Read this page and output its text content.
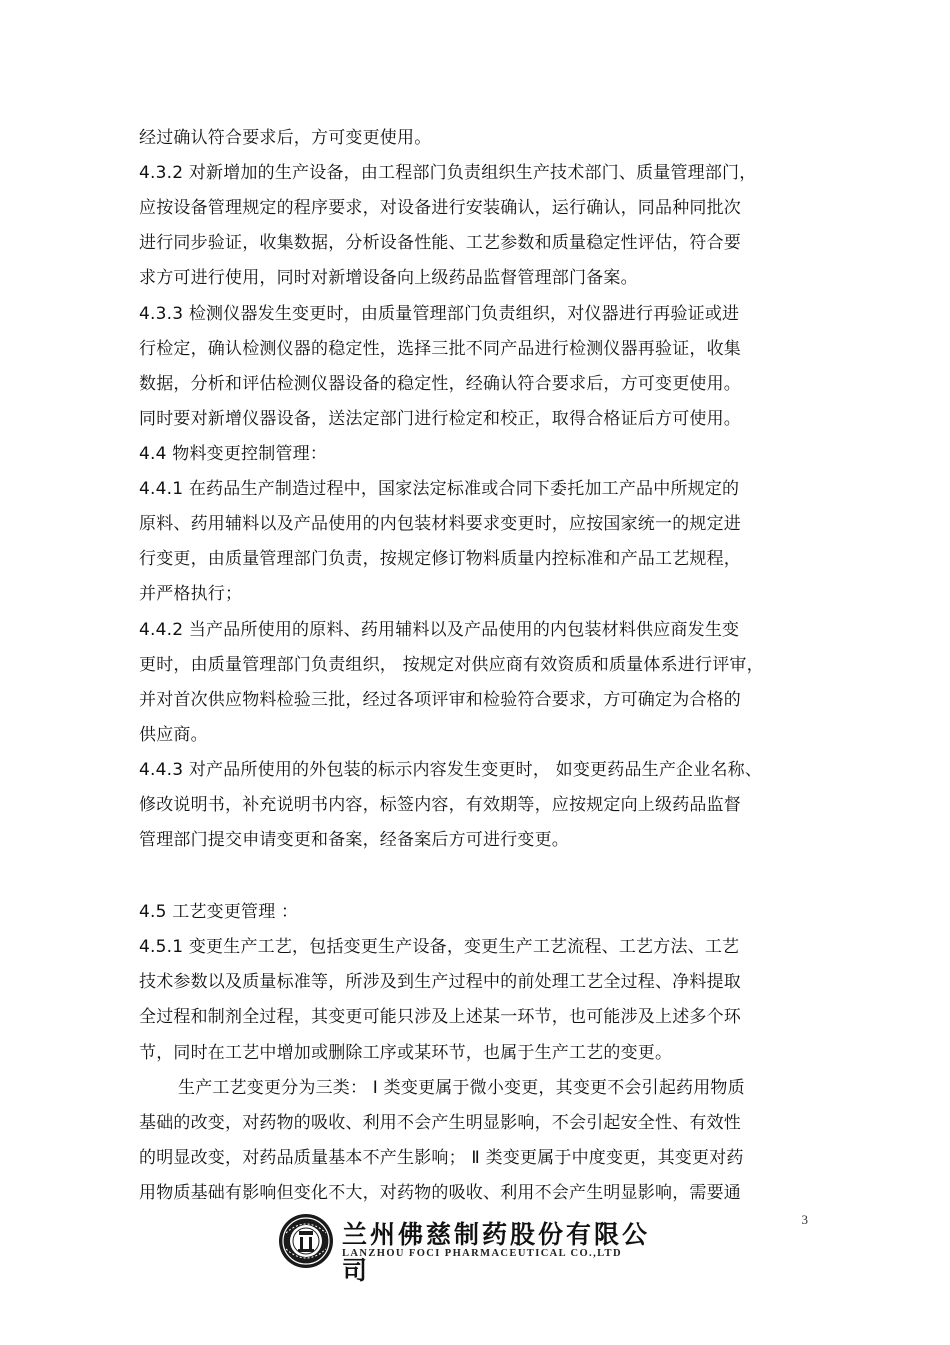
经过确认符合要求后，方可变更使用。

4.3.2 对新增加的生产设备，由工程部门负责组织生产技术部门、质量管理部门，

应按设备管理规定的程序要求，对设备进行安装确认，运行确认，同品种同批次

进行同步验证，收集数据，分析设备性能、工艺参数和质量稳定性评估，符合要

求方可进行使用，同时对新增设备向上级药品监督管理部门备案。

4.3.3 检测仪器发生变更时，由质量管理部门负责组织，对仪器进行再验证或进

行检定，确认检测仪器的稳定性，选择三批不同产品进行检测仪器再验证，收集

数据，分析和评估检测仪器设备的稳定性，经确认符合要求后，方可变更使用。

同时要对新增仪器设备，送法定部门进行检定和校正，取得合格证后方可使用。

4.4 物料变更控制管理：

4.4.1 在药品生产制造过程中，国家法定标准或合同下委托加工产品中所规定的

原料、药用辅料以及产品使用的内包装材料要求变更时，应按国家统一的规定进

行变更，由质量管理部门负责，按规定修订物料质量内控标准和产品工艺规程，

并严格执行；

4.4.2 当产品所使用的原料、药用辅料以及产品使用的内包装材料供应商发生变

更时，由质量管理部门负责组织， 按规定对供应商有效资质和质量体系进行评审，

并对首次供应物料检验三批，经过各项评审和检验符合要求，方可确定为合格的

供应商。

4.4.3 对产品所使用的外包装的标示内容发生变更时， 如变更药品生产企业名称、

修改说明书，补充说明书内容，标签内容，有效期等，应按规定向上级药品监督

管理部门提交申请变更和备案，经备案后方可进行变更。

4.5 工艺变更管理 ：

4.5.1 变更生产工艺，包括变更生产设备，变更生产工艺流程、工艺方法、工艺

技术参数以及质量标准等，所涉及到生产过程中的前处理工艺全过程、净料提取

全过程和制剂全过程，其变更可能只涉及上述某一环节，也可能涉及上述多个环

节，同时在工艺中增加或删除工序或某环节，也属于生产工艺的变更。

生产工艺变更分为三类： Ⅰ 类变更属于微小变更，其变更不会引起药用物质

基础的改变，对药物的吸收、利用不会产生明显影响，不会引起安全性、有效性

的明显改变，对药品质量基本不产生影响； Ⅱ 类变更属于中度变更，其变更对药

用物质基础有影响但变化不大，对药物的吸收、利用不会产生明显影响，需要通

3
兰州佛慈制药股份有限公司
LANZHOU FOCI PHARMACEUTICAL CO.,LTD
